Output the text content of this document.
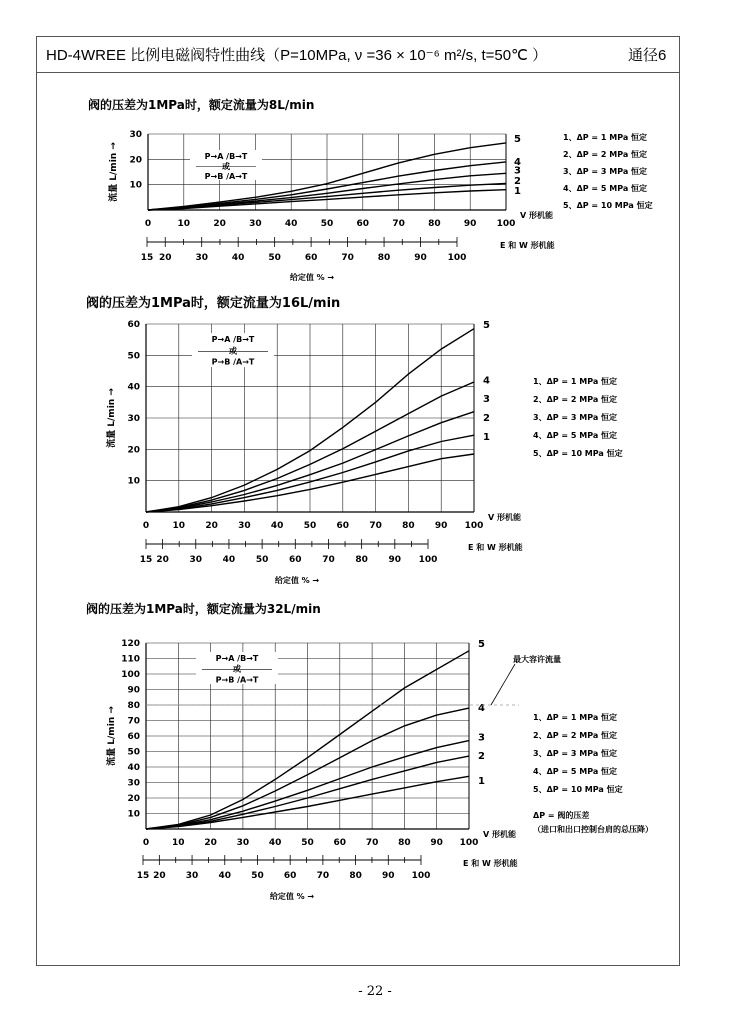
HD-4WREE 比例电磁阀特性曲线（P=10MPa, ν =36 × 10⁻⁶ m²/s, t=50℃ ）	通径6
阀的压差为1MPa时，额定流量为8L/min
阀的压差为1MPa时，额定流量为16L/min
阀的压差为1MPa时，额定流量为32L/min
10
20
30
0	10	20	30	40	50	60	70	80	90 100
V 形机能
15 20	30	40	50	60	70	80	90 100
E 和 W 形机能
给定值 % →
流量 L/min →	P→A /B→T
或
P→B /A→T
5
4
3
2
1
1、ΔP = 1 MPa 恒定
2、ΔP = 2 MPa 恒定
3、ΔP = 3 MPa 恒定
4、ΔP = 5 MPa 恒定
5、ΔP = 10 MPa 恒定
10
20
30
40
50
60
0	10 20 30 40 50 60 70 80 90 100
V 形机能
15 20 30 40 50 60 70 80 90 100
E 和 W 形机能
给定值 % →
流量 L/min →
P→A /B→T
或
P→B /A→T
5
4
3
2
1
1、ΔP = 1 MPa 恒定
2、ΔP = 2 MPa 恒定
3、ΔP = 3 MPa 恒定
4、ΔP = 5 MPa 恒定
5、ΔP = 10 MPa 恒定
10
20
30
40
50
60
70
80
90
100
110
120
0	10 20 30 40 50 60 70 80 90 100
V 形机能
15 20 30 40 50 60 70 80 90 100
E 和 W 形机能
给定值 % →
流量 L/min →
P→A /B→T
或
P→B /A→T
5
4
3
2
1
1、ΔP = 1 MPa 恒定
2、ΔP = 2 MPa 恒定
3、ΔP = 3 MPa 恒定
4、ΔP = 5 MPa 恒定
5、ΔP = 10 MPa 恒定
最大容许流量
ΔP = 阀的压差
（进口和出口控制台肩的总压降）
- 22 -
